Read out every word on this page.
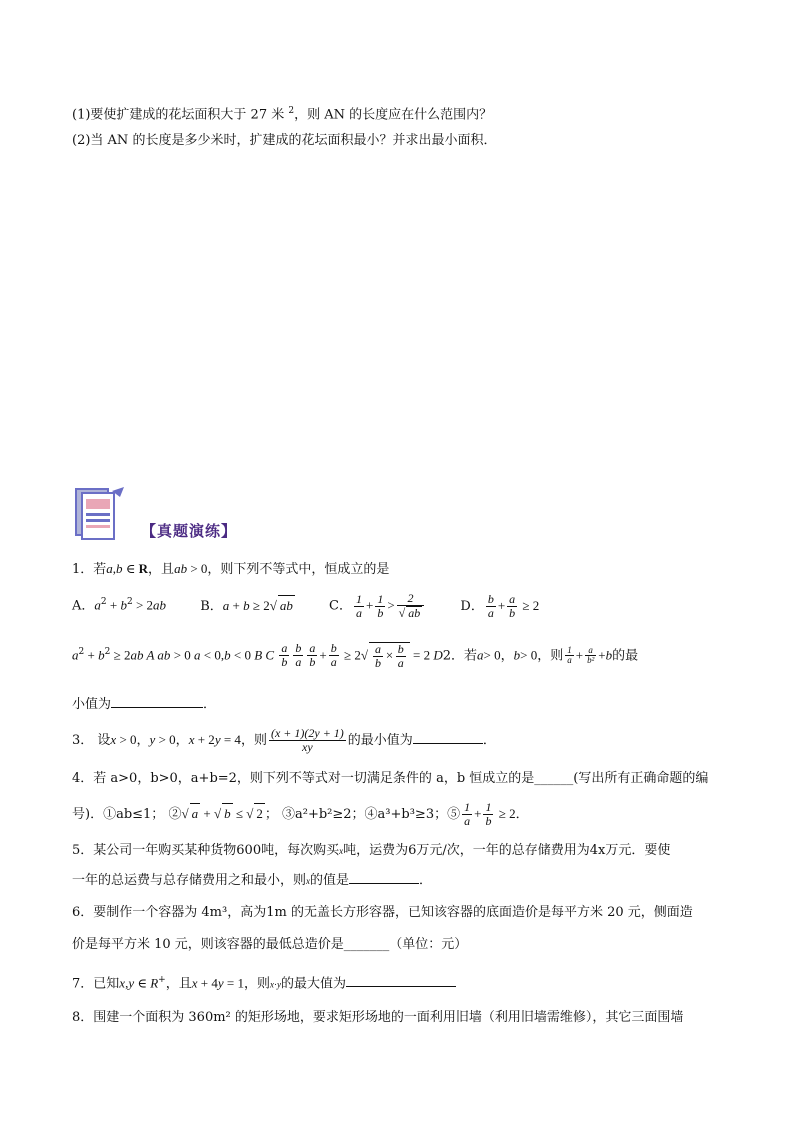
(1)要使扩建成的花坛面积大于 27 米 $^2$，则 AN 的长度应在什么范围内？
(2)当 AN 的长度是多少米时，扩建成的花坛面积最小？并求出最小面积．
【真题演练】
1．若a,b ∈ R，且ab > 0，则下列不等式中，恒成立的是
A．$a^2 + b^2 > 2ab$	B．a + b ≥ 2√ ab	C． $\frac{1}{a} + \frac{1}{b} > \frac{2}{√ ab}$	D． $\frac{b}{a} + \frac{a}{b} \ge 2$
$a^2 + b^2 \ge 2ab$ A ab > 0 a < 0,b < 0 B C $\frac{a}{b} \frac{b}{a} \frac{a}{b} + \frac{b}{a} \ge 2√ \frac{a}{b} \times \frac{b}{a} = 2$ D2．若a> 0，b> 0，则 $\frac{1}{a} + \frac{a}{\text{b²}} +b$的最
小值为	．
3． 设x > 0，y > 0，x + 2y = 4，则 $\frac{(x + 1)(2y + 1)}{xy}$ 的最小值为	．
4．若 a>0，b>0，a+b=2，则下列不等式对一切满足条件的 a，b 恒成立的是______(写出所有正确命题的编
号)．①ab≤1； ②√ a + √ b ≤ √ 2 ； ③a²+b²≥2；④a³+b³≥3；⑤ $\frac{1}{a} + \frac{1}{b} \ge 2$．
5．某公司一年购买某种货物600吨，每次购买x吨，运费为6万元/次，一年的总存储费用为4x万元．要使
一年的总运费与总存储费用之和最小，则x的值是	．
6．要制作一个容器为 4m³，高为1m 的无盖长方形容器，已知该容器的底面造价是每平方米 20 元，侧面造
价是每平方米 10 元，则该容器的最低总造价是_______（单位：元）
7．已知x,y ∈ R+，且x + 4y = 1，则x·y的最大值为
8．围建一个面积为 360m² 的矩形场地，要求矩形场地的一面利用旧墙（利用旧墙需维修），其它三面围墙
